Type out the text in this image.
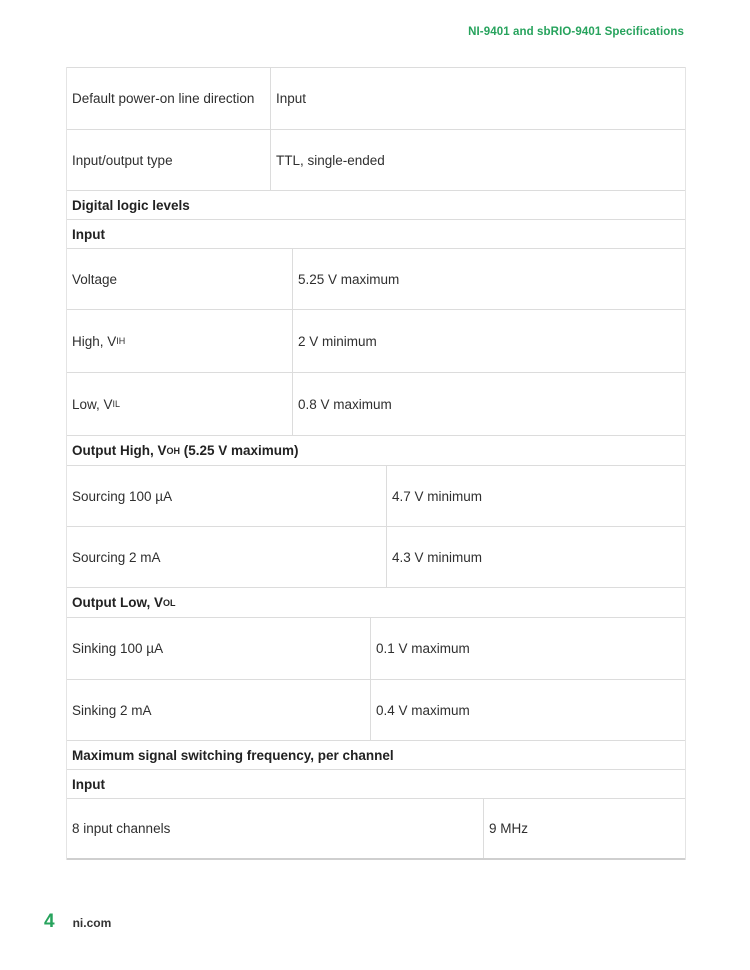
NI-9401 and sbRIO-9401 Specifications
Default power-on line direction	Input
Input/output type	TTL, single-ended
Digital logic levels
Input
Voltage	5.25 V maximum
High, V IH	2 V minimum
Low, V IL	0.8 V maximum
Output High, V OH (5.25 V maximum)
Sourcing 100 µA	4.7 V minimum
Sourcing 2 mA	4.3 V minimum
Output Low, V OL
Sinking 100 µA	0.1 V maximum
Sinking 2 mA	0.4 V maximum
Maximum signal switching frequency, per channel
Input
8 input channels	9 MHz
4 ni.com
